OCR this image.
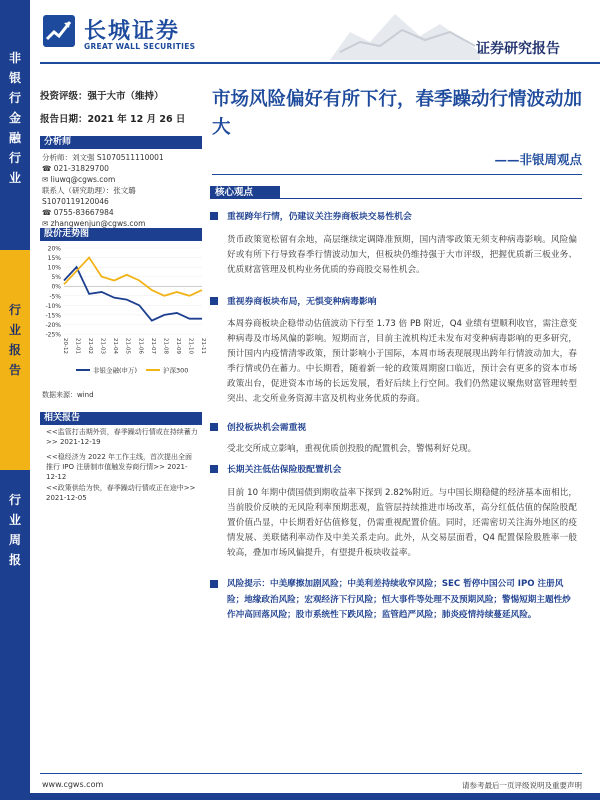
非
银
行
金
融
行
业
行
业
报
告
行
业
周
报
长城证券
GREAT WALL SECURITIES	证券研究报告
投资评级：强于大市（维持）
报告日期：2021 年 12 月 26 日
分析师
分析师：刘文强 S1070511110001
☎ 021-31829700
✉ liuwq@cgws.com
联系人（研究助理）：张文璐
S1070119120046
☎ 0755-83667984
✉ zhangwenjun@cgws.com
股价走势图
20%
15%
10%
5%
0%
-5%
-10%
-15%
-20%
-25%
20-12 21-01 21-02 21-03 21-04 21-05 21-06 21-07 21-08 21-09 21-10 21-11
非银金融(申万)	沪深300
数据来源：wind
相关报告
<<监管打击期外资，春季躁动行情或在持续蓄力>> 2021-12-19
<<稳经济为 2022 年工作主线，首次提出全面推行 IPO 注册制市值触发券商行情>> 2021-12-12
<<政策供给为快，春季躁动行情或正在途中>> 2021-12-05
市场风险偏好有所下行，春季躁动行情波动加大
——非银周观点
核心观点
重视跨年行情，仍建议关注券商板块交易性机会
货币政策宽松留有余地，高层继续定调降准预期，国内清零政策无须支种病毒影响。风险偏好或有所下行导致春季行情波动加大，但板块仍维持强于大市评级，把握优质新三板业务、优质财富管理及机构业务优质的券商股交易性机会。
重视券商板块布局，无惧变种病毒影响
本周券商板块企稳带动估值波动下行至 1.73 倍 PB 附近，Q4 业绩有望顺利收官，需注意变种病毒及市场风偏的影响。短期而言，目前主流机构迁未发布对变种病毒影响的更多研究，预计国内内疫情清零政策，预计影响小于国际，本周市场表现展现出跨年行情波动加大，春季行情或仍在蓄力。中长期看，随着新一轮的政策周期窗口临近，预计会有更多的资本市场政策出台，促进资本市场的长远发展，看好后续上行空间。我们仍然建议聚焦财富管理转型突出、北交所业务资源丰富及机构业务优质的券商。
创投板块机会需重视
受北交所成立影响，重视优质创投股的配置机会，警惕利好兑现。
长期关注低估保险股配置机会
目前 10 年期中债国债到期收益率下探到 2.82%附近。与中国长期稳健的经济基本面相比，当前股价反映的无风险利率预期悲观，监管层持续推进市场改革，高分红低估值的保险股配置价值凸显，中长期看好估值修复，仍需重视配置价值。同时，还需密切关注海外地区的疫情发展、美联储利率动作及中美关系走向。此外，从交易层面看，Q4 配置保险股胜率一般较高，叠加市场风偏提升，有望提升板块收益率。
风险提示：中美摩擦加剧风险；中美利差持续收窄风险；SEC 暂停中国公司 IPO 注册风险；地缘政治风险；宏观经济下行风险；恒大事件等处理不及预期风险；警惕短期主题性炒作冲高回落风险；股市系统性下跌风险；监管趋严风险；肺炎疫情持续蔓延风险。
www.cgws.com	请参考最后一页评级说明及重要声明
